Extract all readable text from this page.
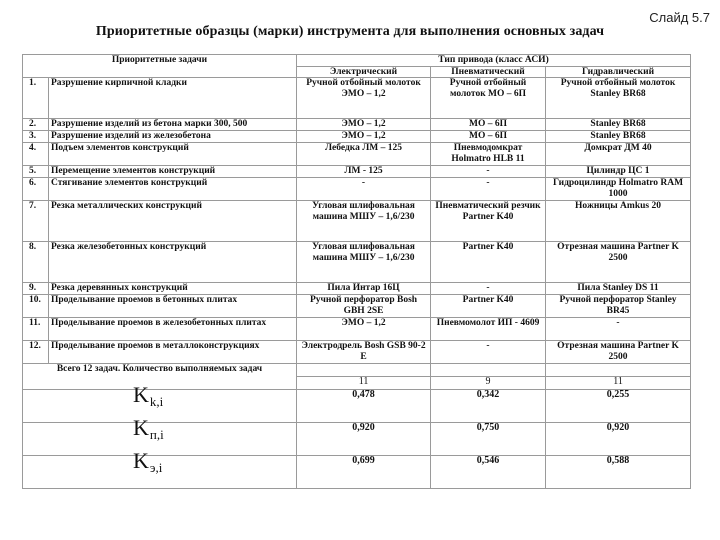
Слайд 5.7
Приоритетные образцы (марки) инструмента для выполнения основных задач
Приоритетные задачи		Тип привода (класс АСИ)		
		Электрический	Пневматический	Гидравлический
1.	Разрушение кирпичной кладки	Ручной отбойный молоток ЭМО – 1,2	Ручной отбойный молоток МО – 6П	Ручной отбойный молоток Stanley BR68
2.	Разрушение изделий из бетона марки 300, 500	ЭМО – 1,2	МО – 6П	Stanley BR68
3.	Разрушение изделий из железобетона	ЭМО – 1,2	МО – 6П	Stanley BR68
4.	Подъем элементов конструкций	Лебедка ЛМ – 125	Пневмодомкрат Holmatro HLB 11	Домкрат ДМ 40
5.	Перемещение элементов конструкций	ЛМ - 125	-	Цилиндр ЦС 1
6.	Стягивание элементов конструкций	-	-	Гидроцилиндр Holmatro RAM 1000
7.	Резка металлических конструкций	Угловая шлифовальная машина МШУ – 1,6/230	Пневматический резчик Partner K40	Ножницы Amkus 20
8.	Резка железобетонных конструкций	Угловая шлифовальная машина МШУ – 1,6/230	Partner K40	Отрезная машина Partner K 2500
9.	Резка деревянных конструкций	Пила Интар 16Ц	-	Пила Stanley DS 11
10.	Проделывание проемов в бетонных плитах	Ручной перфоратор Bosh GBH 2SE	Partner K40	Ручной перфоратор Stanley BR45
11.	Проделывание проемов в железобетонных плитах	ЭМО – 1,2	Пневмомолот ИП - 4609	-
12.	Проделывание проемов в металлоконструкциях	Электродрель Bosh GSB 90-2 E	-	Отрезная машина Partner K 2500
Всего 12 задач. Количество выполняемых задач				
		11	9	11
$K_{k,i}$		0,478	0,342	0,255
$K_{п,i}$		0,920	0,750	0,920
$K_{э,i}$		0,699	0,546	0,588
